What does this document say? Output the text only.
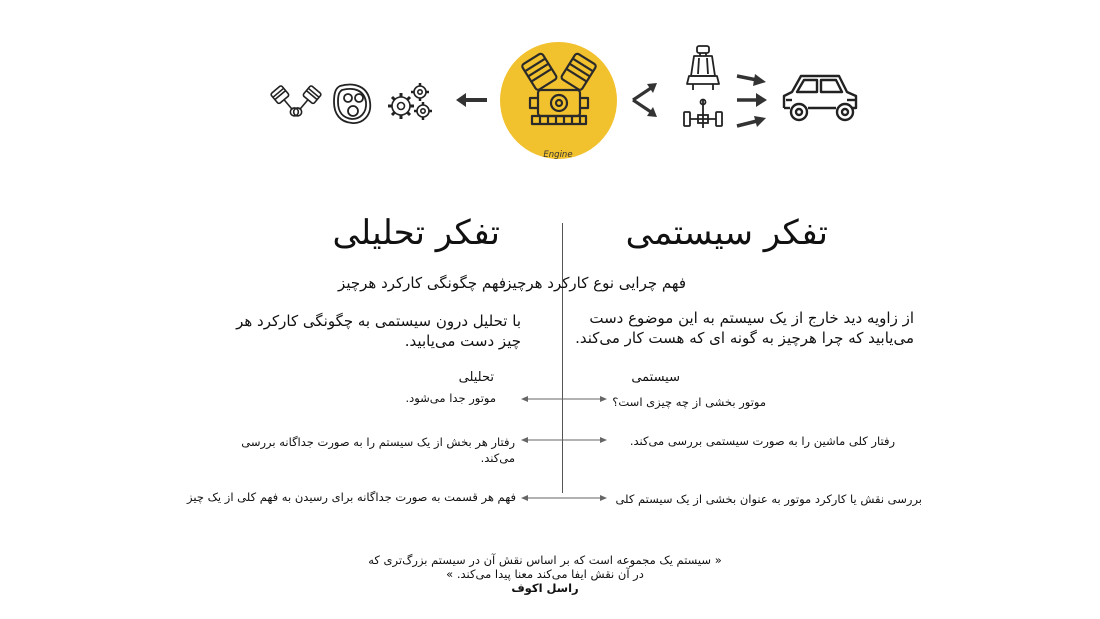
Engine
تفکر سیستمی
فهم چرایی نوع کارکرد هرچیز
از زاویه دید خارج از یک سیستم به این موضوع دست می‌یابید که چرا هرچیز به گونه ای که هست کار می‌کند.
سیستمی
تفکر تحلیلی
فهم چگونگی کارکرد هرچیز
با تحلیل درون سیستمی به چگونگی کارکرد هر چیز دست می‌یابید.
تحلیلی
موتور جدا می‌شود.	موتور بخشی از چه چیزی است؟
رفتار هر بخش از یک سیستم را به صورت جداگانه بررسی می‌کند.
رفتار کلی ماشین را به صورت سیستمی بررسی می‌کند.
فهم هر قسمت به صورت جداگانه برای رسیدن به فهم کلی از یک چیز	بررسی نقش یا کارکرد موتور به عنوان بخشی از یک سیستم کلی
« سیستم یک مجموعه است که بر اساس نقش آن در سیستم بزرگ‌تری که
در آن نقش ایفا می‌کند معنا پیدا می‌کند. »
راسل اکوف
